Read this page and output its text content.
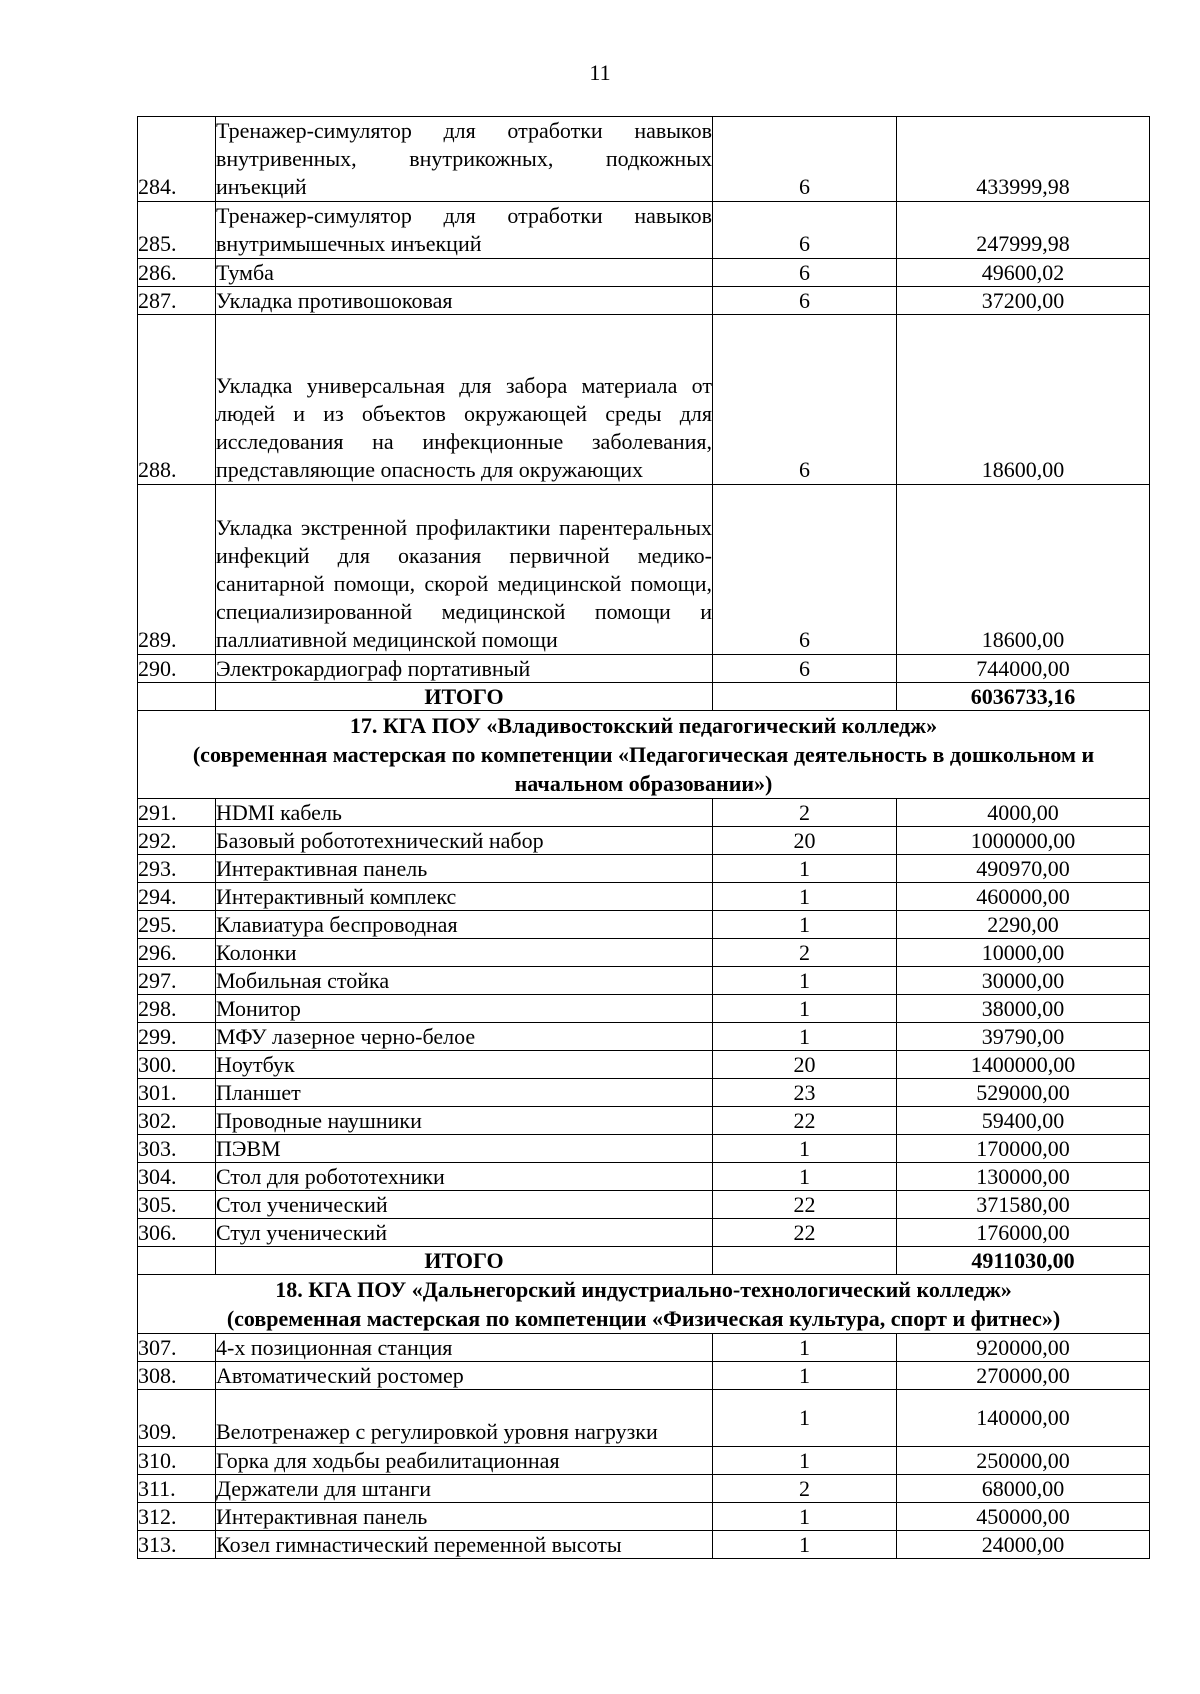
11
284.	Тренажер-симулятор для отработки навыков внутривенных, внутрикожных, подкожных инъекций	6	433999,98
285.	Тренажер-симулятор для отработки навыков внутримышечных инъекций	6	247999,98
286.	Тумба	6	49600,02
287.	Укладка противошоковая	6	37200,00
288.	Укладка универсальная для забора материала от людей и из объектов окружающей среды для исследования на инфекционные заболевания, представляющие опасность для окружающих	6	18600,00
289.	Укладка экстренной профилактики парентеральных инфекций для оказания первичной медико-санитарной помощи, скорой медицинской помощи, специализированной медицинской помощи и паллиативной медицинской помощи	6	18600,00
290.	Электрокардиограф портативный	6	744000,00
	ИТОГО		6036733,16

17. КГА ПОУ «Владивостокский педагогический колледж»
(современная мастерская по компетенции «Педагогическая деятельность в дошкольном и начальном образовании»)			

291.	HDMI кабель	2	4000,00
292.	Базовый робототехнический набор	20	1000000,00
293.	Интерактивная панель	1	490970,00
294.	Интерактивный комплекс	1	460000,00
295.	Клавиатура беспроводная	1	2290,00
296.	Колонки	2	10000,00
297.	Мобильная стойка	1	30000,00
298.	Монитор	1	38000,00
299.	МФУ лазерное черно-белое	1	39790,00
300.	Ноутбук	20	1400000,00
301.	Планшет	23	529000,00
302.	Проводные наушники	22	59400,00
303.	ПЭВМ	1	170000,00
304.	Стол для робототехники	1	130000,00
305.	Стол ученический	22	371580,00
306.	Стул ученический	22	176000,00
	ИТОГО		4911030,00

18. КГА ПОУ «Дальнегорский индустриально-технологический колледж»
(современная мастерская по компетенции «Физическая культура, спорт и фитнес»)			

307.	4-х позиционная станция	1	920000,00
308.	Автоматический ростомер	1	270000,00
309.	Велотренажер с регулировкой уровня нагрузки	1	140000,00
310.	Горка для ходьбы реабилитационная	1	250000,00
311.	Держатели для штанги	2	68000,00
312.	Интерактивная панель	1	450000,00
313.	Козел гимнастический переменной высоты	1	24000,00
